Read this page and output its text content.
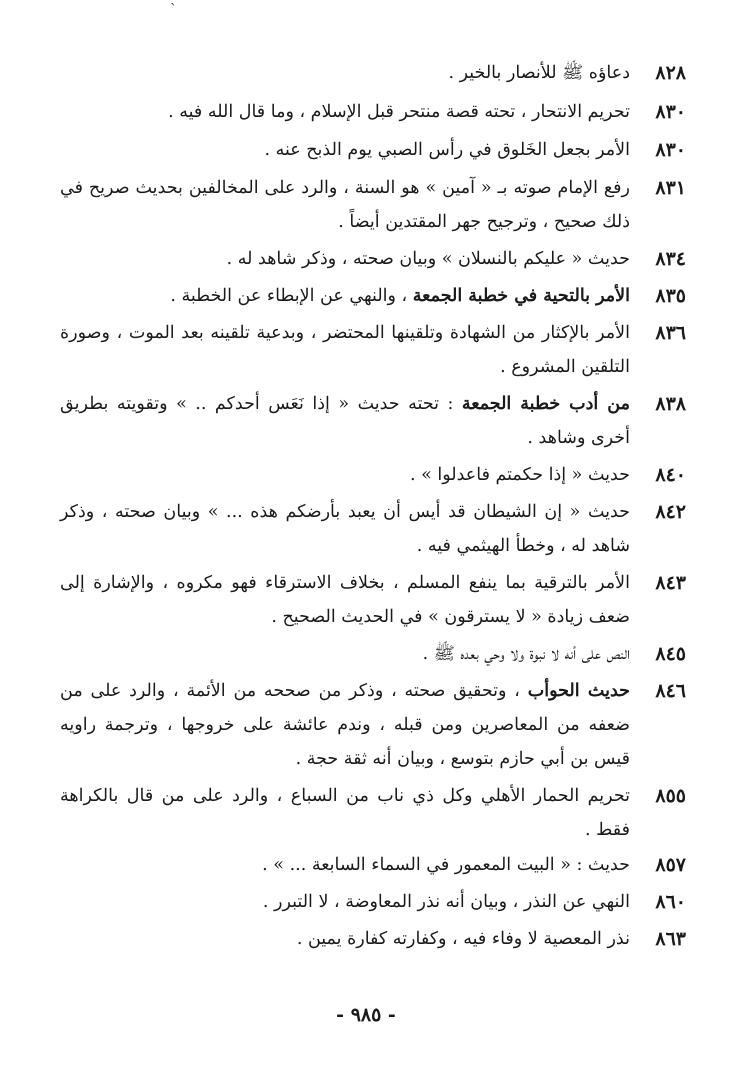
`
٨٢٨
دعاؤه ﷺ للأنصار بالخير .
٨٣٠
تحريم الانتحار ، تحته قصة منتحر قبل الإسلام ، وما قال الله فيه .
٨٣٠
الأمر بجعل الخَلوق في رأس الصبي يوم الذبح عنه .
٨٣١
رفع الإمام صوته بـ « آمين » هو السنة ، والرد على المخالفين بحديث صريح في ذلك صحيح ، وترجيح جهر المقتدين أيضاً .
٨٣٤
حديث « عليكم بالنسلان » وبيان صحته ، وذكر شاهد له .
٨٣٥
الأمر بالتحية في خطبة الجمعة ، والنهي عن الإبطاء عن الخطبة .
٨٣٦
الأمر بالإكثار من الشهادة وتلقينها المحتضر ، وبدعية تلقينه بعد الموت ، وصورة التلقين المشروع .
٨٣٨
من أدب خطبة الجمعة : تحته حديث « إذا نَعَس أحدكم .. » وتقويته بطريق أخرى وشاهد .
٨٤٠
حديث « إذا حكمتم فاعدلوا » .
٨٤٢
حديث « إن الشيطان قد أيس أن يعبد بأرضكم هذه ... » وبيان صحته ، وذكر شاهد له ، وخطأ الهيثمي فيه .
٨٤٣
الأمر بالترقية بما ينفع المسلم ، بخلاف الاسترقاء فهو مكروه ، والإشارة إلى ضعف زيادة « لا يسترقون » في الحديث الصحيح .
٨٤٥
النص على أنه لا نبوة ولا وحي بعده ﷺ .
٨٤٦
حديث الحوأب ، وتحقيق صحته ، وذكر من صححه من الأئمة ، والرد على من ضعفه من المعاصرين ومن قبله ، وندم عائشة على خروجها ، وترجمة راويه قيس بن أبي حازم بتوسع ، وبيان أنه ثقة حجة .
٨٥٥
تحريم الحمار الأهلي وكل ذي ناب من السباع ، والرد على من قال بالكراهة فقط .
٨٥٧
حديث : « البيت المعمور في السماء السابعة ... » .
٨٦٠
النهي عن النذر ، وبيان أنه نذر المعاوضة ، لا التبرر .
٨٦٣
نذر المعصية لا وفاء فيه ، وكفارته كفارة يمين .
- ٩٨٥ -
